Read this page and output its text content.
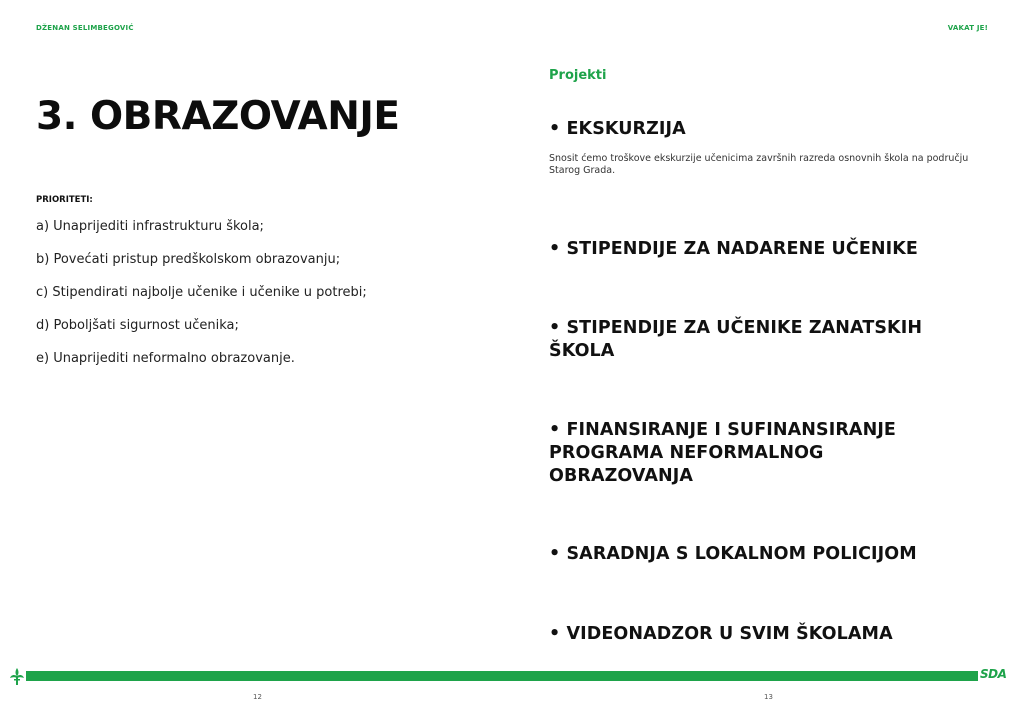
DŽENAN SELIMBEGOVIĆ	VAKAT JE!
3. OBRAZOVANJE
PRIORITETI:
a) Unaprijediti infrastrukturu škola;
b) Povećati pristup predškolskom obrazovanju;
c) Stipendirati najbolje učenike i učenike u potrebi;
d) Poboljšati sigurnost učenika;
e) Unaprijediti neformalno obrazovanje.
Projekti
• EKSKURZIJA
Snosit ćemo troškove ekskurzije učenicima završnih razreda osnovnih škola na području Starog Grada.
• STIPENDIJE ZA NADARENE UČENIKE
• STIPENDIJE ZA UČENIKE ZANATSKIH ŠKOLA
• FINANSIRANJE I SUFINANSIRANJE PROGRAMA NEFORMALNOG OBRAZOVANJA
• SARADNJA S LOKALNOM POLICIJOM
• VIDEONADZOR U SVIM ŠKOLAMA
SDA
12	13
